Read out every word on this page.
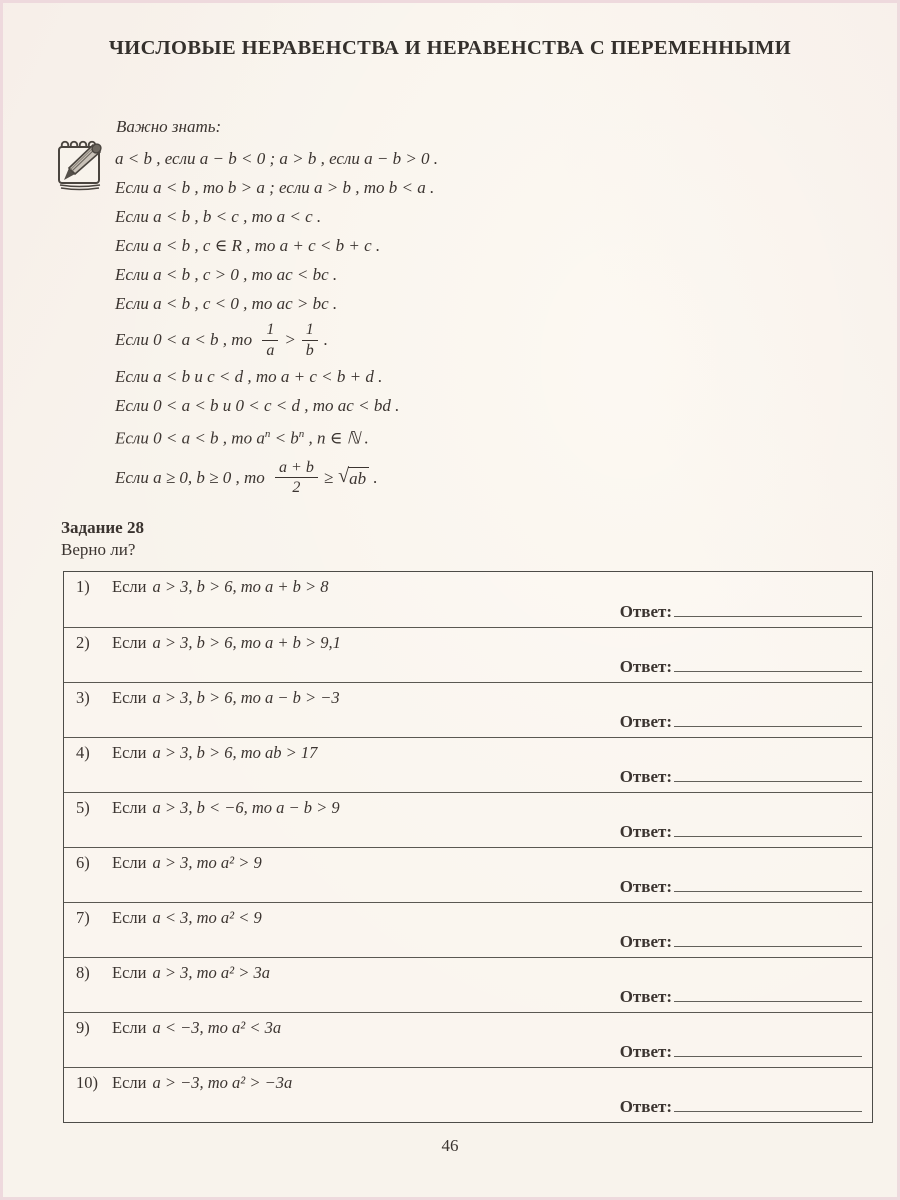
ЧИСЛОВЫЕ НЕРАВЕНСТВА И НЕРАВЕНСТВА С ПЕРЕМЕННЫМИ
Важно знать:
a < b , если a − b < 0 ; a > b , если a − b > 0 .
Если a < b , то b > a ; если a > b , то b < a .
Если a < b , b < c , то a < c .
Если a < b , c ∈ R , то a + c < b + c .
Если a < b , c > 0 , то ac < bc .
Если a < b , c < 0 , то ac > bc .
Если 0 < a < b , то $\frac{1}{a} > \frac{1}{b}$ .
Если a < b и c < d , то a + c < b + d .
Если 0 < a < b и 0 < c < d , то ac < bd .
Если 0 < a < b , то $a^n < b^n$ , n ∈ ℕ .
Если a ≥ 0, b ≥ 0 , то $\frac{a + b}{2}$ ≥ √ ab .
Задание 28
Верно ли?
1) Если a > 3, b > 6, то a + b > 8
Ответ:
2) Если a > 3, b > 6, то a + b > 9,1
Ответ:
3) Если a > 3, b > 6, то a − b > −3
Ответ:
4) Если a > 3, b > 6, то ab > 17
Ответ:
5) Если a > 3, b < −6, то a − b > 9
Ответ:
6) Если a > 3, то a² > 9
Ответ:
7) Если a < 3, то a² < 9
Ответ:
8) Если a > 3, то a² > 3a
Ответ:
9) Если a < −3, то a² < 3a
Ответ:
10) Если a > −3, то a² > −3a
Ответ:
46
